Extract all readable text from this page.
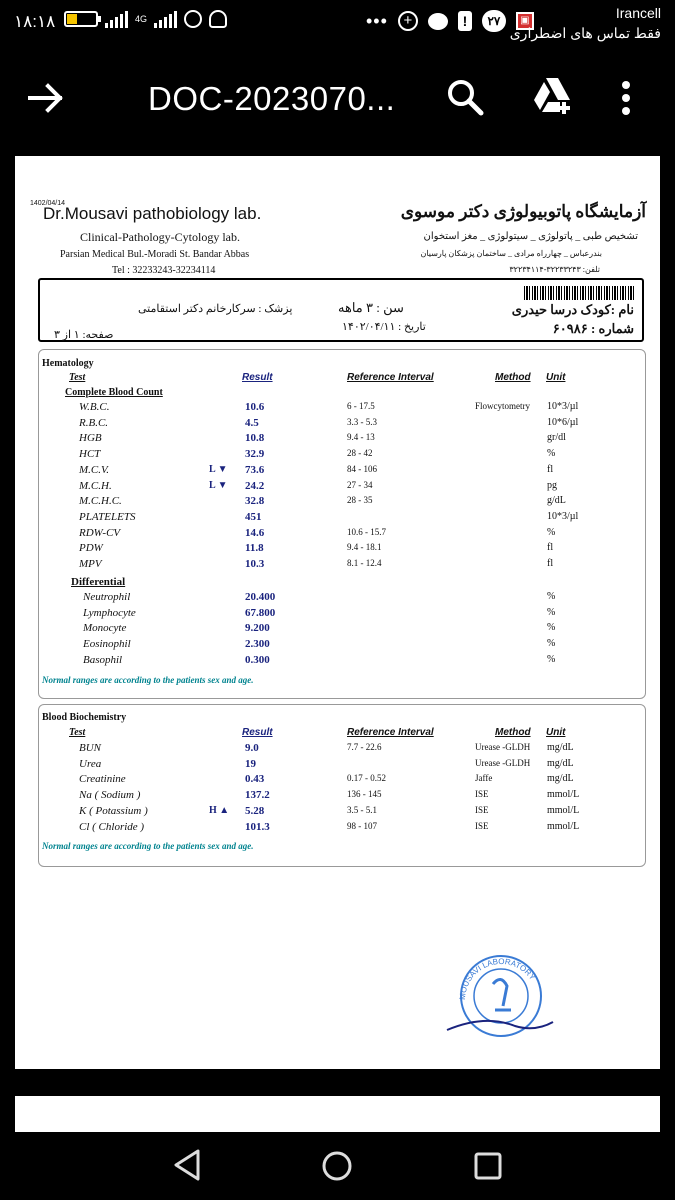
۱۸:۱۸	4G	•••	+	!	۲۷	▣	Irancell
فقط تماس های اضطراری
DOC-2023070...
1402/04/14
Dr.Mousavi pathobiology lab.
Clinical-Pathology-Cytology lab.
Parsian Medical Bul.-Moradi St. Bandar Abbas
Tel : 32233243-32234114
آزمایشگاه پاتوبیولوژی دکتر موسوی
تشخیص طبی _ پاتولوژی _ سیتولوژی _ مغز استخوان
بندرعباس _ چهارراه مرادی _ ساختمان پزشکان پارسیان
تلفن: ۳۲۲۳۳۲۴۳-۳۲۲۳۴۱۱۴
نام :کودک درسا حیدری
شماره : ۶۰۹۸۶
سن : ۳ ماهه
تاریخ : ۱۴۰۲/۰۴/۱۱
پزشک : سرکارخانم دکتر استقامتی
صفحه: ۱ از ۳
Hematology
Test	Result	Reference Interval	Method Unit
Complete Blood Count
W.B.C.	10.6	6 - 17.5	Flowcytometry 10*3/µl
R.B.C.	4.5	3.3 - 5.3	10*6/µl
HGB	10.8	9.4 - 13	gr/dl
HCT	32.9	28 - 42	%
M.C.V.	L ▼	73.6	84 - 106	fl
M.C.H.	L ▼	24.2	27 - 34	pg
M.C.H.C.	32.8	28 - 35	g/dL
PLATELETS	451	10*3/µl
RDW-CV	14.6	10.6 - 15.7	%
PDW	11.8	9.4 - 18.1	fl
MPV	10.3	8.1 - 12.4	fl
Differential
Neutrophil	20.400	%
Lymphocyte	67.800	%
Monocyte	9.200	%
Eosinophil	2.300	%
Basophil	0.300	%
Normal ranges are according to the patients sex and age.
Blood Biochemistry
Test	Result	Reference Interval	Method Unit
BUN	9.0	7.7 - 22.6	Urease -GLDH mg/dL
Urea	19	Urease -GLDH mg/dL
Creatinine	0.43	0.17 - 0.52	Jaffe	mg/dL
Na ( Sodium )	137.2	136 - 145	ISE	mmol/L
K ( Potassium )	H ▲	5.28	3.5 - 5.1	ISE	mmol/L
Cl ( Chloride )	101.3	98 - 107	ISE	mmol/L
Normal ranges are according to the patients sex and age.
MOUSAVI LABORATORY
